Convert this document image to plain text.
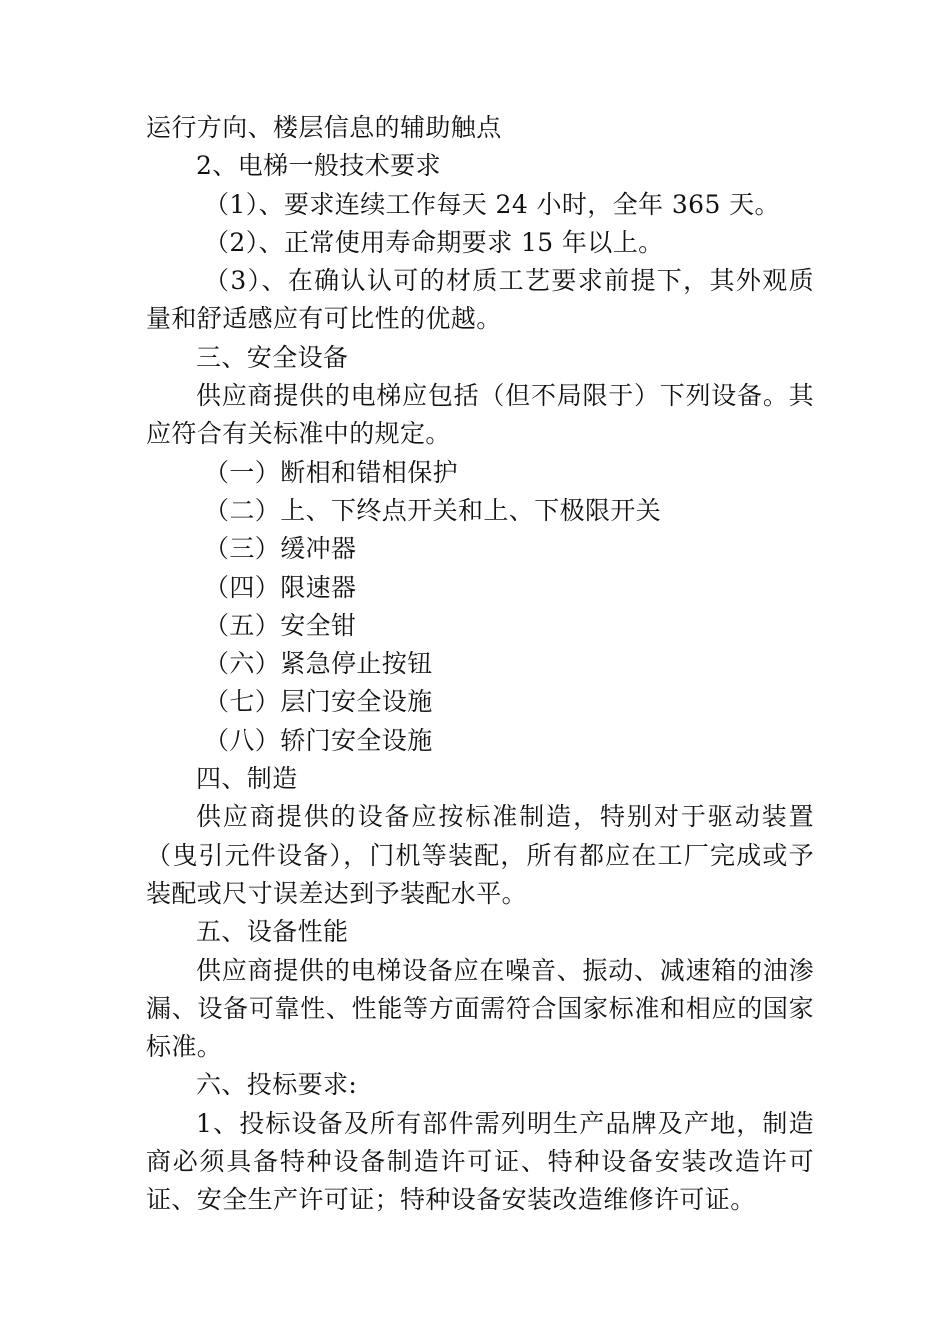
运行方向、楼层信息的辅助触点

2、电梯一般技术要求

（1）、要求连续工作每天 24 小时，全年 365 天。

（2）、正常使用寿命期要求 15 年以上。

（3）、在确认认可的材质工艺要求前提下，其外观质量和舒适感应有可比性的优越。

三、安全设备

供应商提供的电梯应包括（但不局限于）下列设备。其应符合有关标准中的规定。

（一）断相和错相保护

（二）上、下终点开关和上、下极限开关

（三）缓冲器

（四）限速器

（五）安全钳

（六）紧急停止按钮

（七）层门安全设施

（八）轿门安全设施

四、制造

供应商提供的设备应按标准制造，特别对于驱动装置（曳引元件设备），门机等装配，所有都应在工厂完成或予装配或尺寸误差达到予装配水平。

五、设备性能

供应商提供的电梯设备应在噪音、振动、减速箱的油渗漏、设备可靠性、性能等方面需符合国家标准和相应的国家标准。

六、投标要求:

1、投标设备及所有部件需列明生产品牌及产地，制造商必须具备特种设备制造许可证、特种设备安装改造许可证、安全生产许可证；特种设备安装改造维修许可证。
